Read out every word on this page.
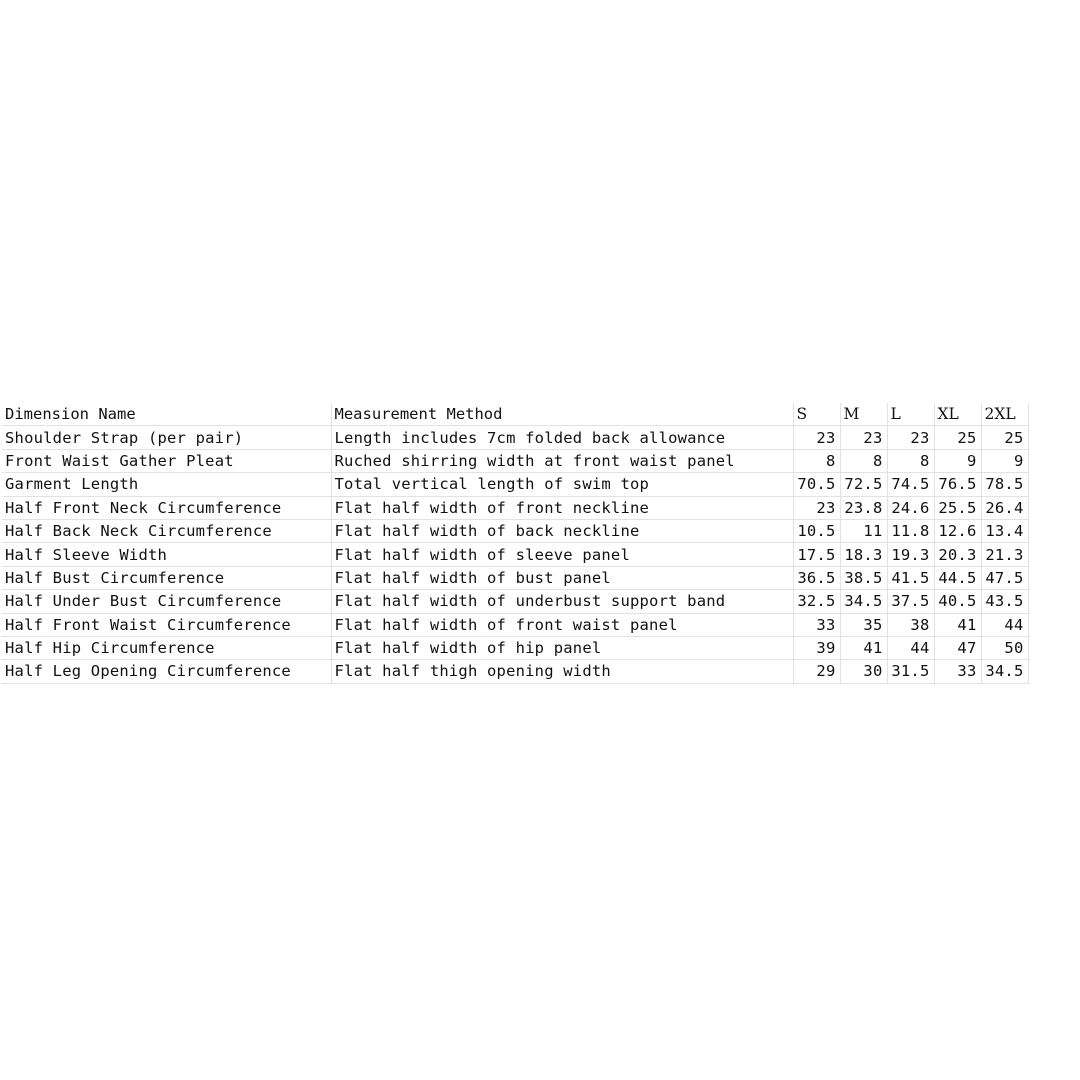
Dimension Name	Measurement Method	S	M	L	XL	2XL
Shoulder Strap (per pair)	Length includes 7cm folded back allowance	23	23	23	25	25
Front Waist Gather Pleat	Ruched shirring width at front waist panel	8	8	8	9	9
Garment Length	Total vertical length of swim top	70.5	72.5	74.5	76.5	78.5
Half Front Neck Circumference	Flat half width of front neckline	23	23.8	24.6	25.5	26.4
Half Back Neck Circumference	Flat half width of back neckline	10.5	11	11.8	12.6	13.4
Half Sleeve Width	Flat half width of sleeve panel	17.5	18.3	19.3	20.3	21.3
Half Bust Circumference	Flat half width of bust panel	36.5	38.5	41.5	44.5	47.5
Half Under Bust Circumference	Flat half width of underbust support band	32.5	34.5	37.5	40.5	43.5
Half Front Waist Circumference	Flat half width of front waist panel	33	35	38	41	44
Half Hip Circumference	Flat half width of hip panel	39	41	44	47	50
Half Leg Opening Circumference	Flat half thigh opening width	29	30	31.5	33	34.5
